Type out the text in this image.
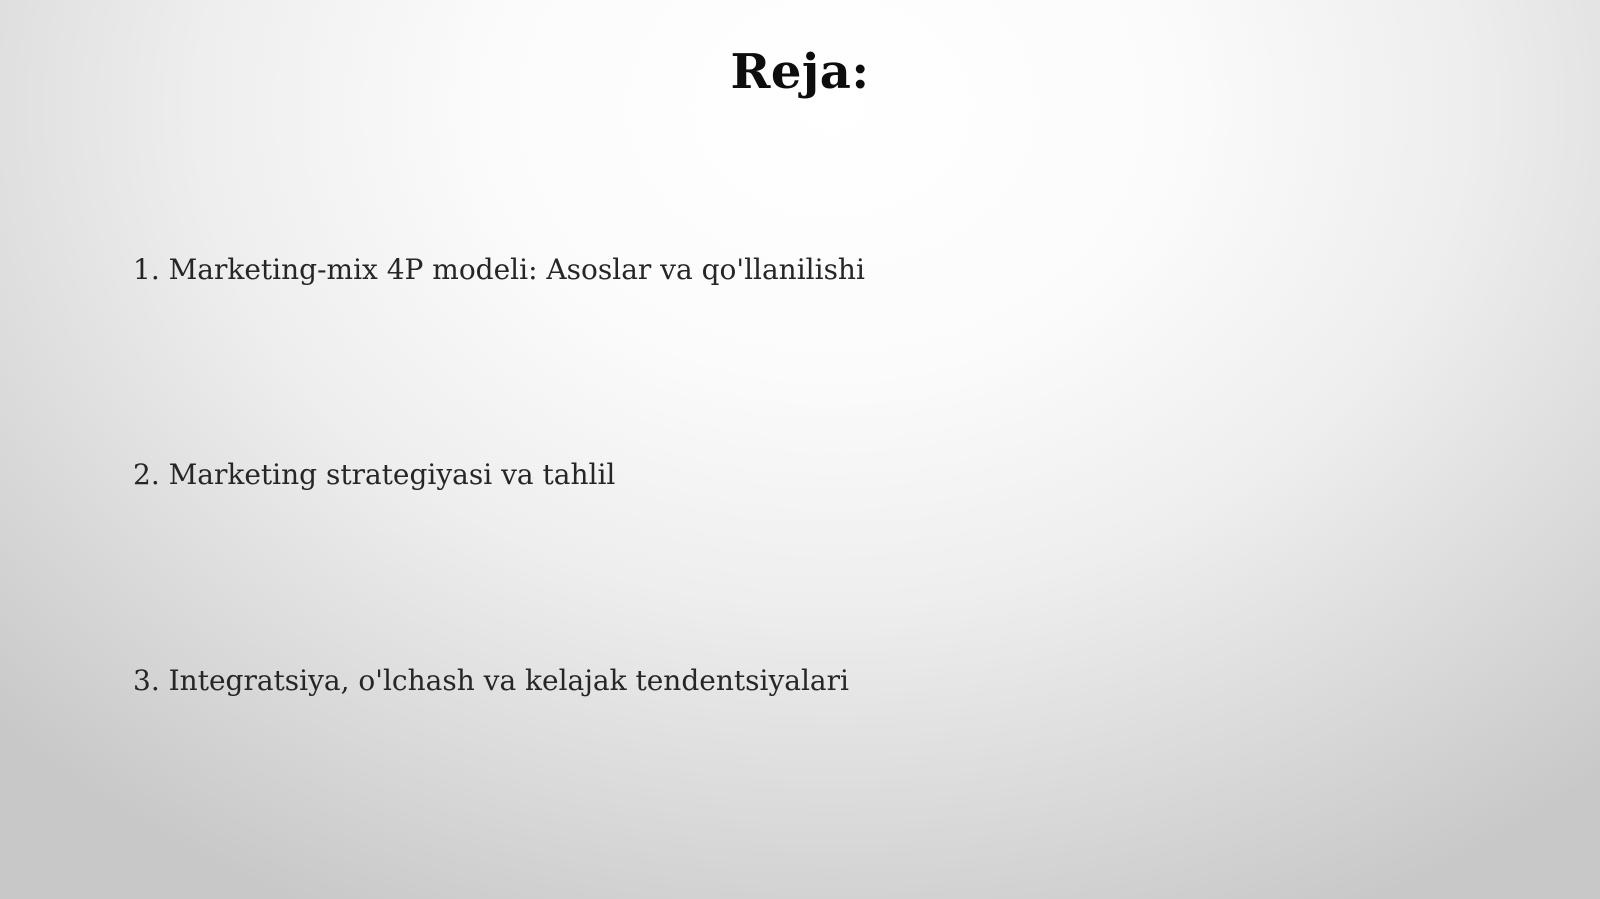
Reja:

1. Marketing-mix 4P modeli: Asoslar va qo'llanilishi

2. Marketing strategiyasi va tahlil

3. Integratsiya, o'lchash va kelajak tendentsiyalari
